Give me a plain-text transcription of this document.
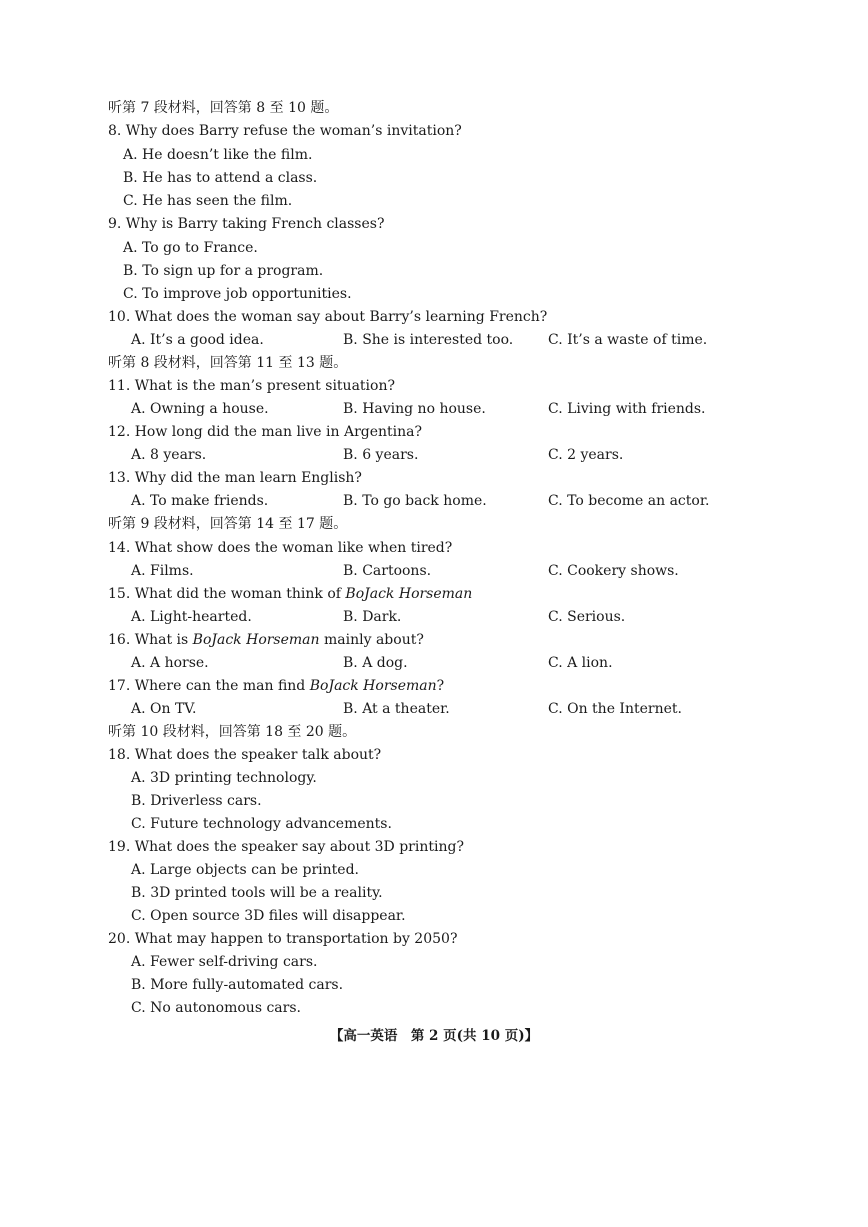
听第 7 段材料，回答第 8 至 10 题。
8. Why does Barry refuse the woman’s invitation?
A. He doesn’t like the film.
B. He has to attend a class.
C. He has seen the film.
9. Why is Barry taking French classes?
A. To go to France.
B. To sign up for a program.
C. To improve job opportunities.
10. What does the woman say about Barry’s learning French?
A. It’s a good idea.	B. She is interested too. C. It’s a waste of time.
听第 8 段材料，回答第 11 至 13 题。
11. What is the man’s present situation?
A. Owning a house.	B. Having no house.	C. Living with friends.
12. How long did the man live in Argentina?
A. 8 years.	B. 6 years.	C. 2 years.
13. Why did the man learn English?
A. To make friends.	B. To go back home.	C. To become an actor.
听第 9 段材料，回答第 14 至 17 题。
14. What show does the woman like when tired?
A. Films.	B. Cartoons.	C. Cookery shows.
15. What did the woman think of BoJack Horseman
A. Light-hearted.	B. Dark.	C. Serious.
16. What is BoJack Horseman mainly about?
A. A horse.	B. A dog.	C. A lion.
17. Where can the man find BoJack Horseman?
A. On TV.	B. At a theater.	C. On the Internet.
听第 10 段材料，回答第 18 至 20 题。
18. What does the speaker talk about?
A. 3D printing technology.
B. Driverless cars.
C. Future technology advancements.
19. What does the speaker say about 3D printing?
A. Large objects can be printed.
B. 3D printed tools will be a reality.
C. Open source 3D files will disappear.
20. What may happen to transportation by 2050?
A. Fewer self-driving cars.
B. More fully-automated cars.
C. No autonomous cars.
【高一英语　第 2 页(共 10 页)】
